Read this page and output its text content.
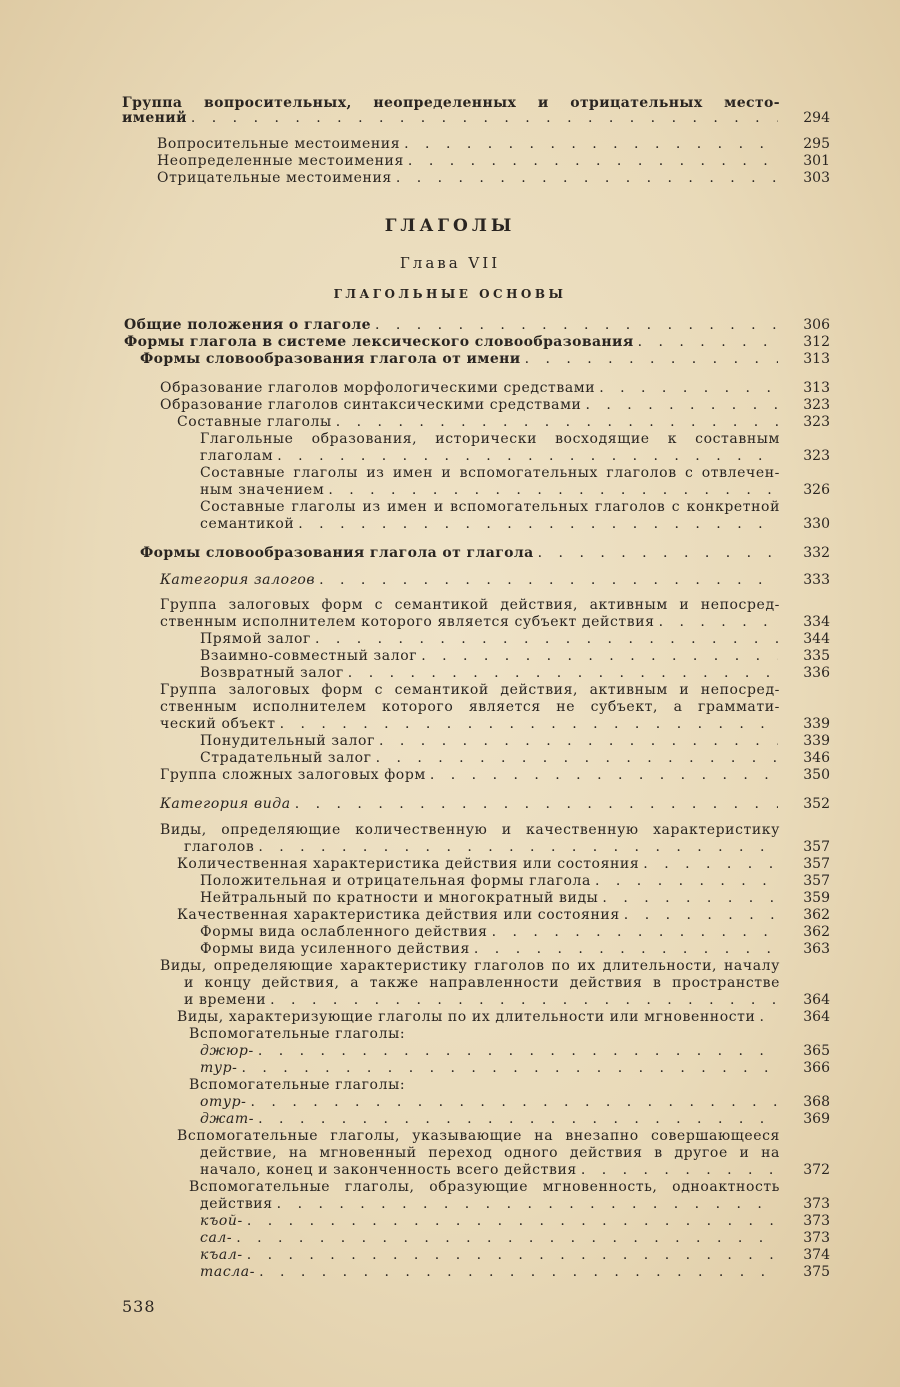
Группа вопросительных, неопределенных и отрицательных место-
имений . . .	294
Вопросительные местоимения . . .	295
Неопределенные местоимения . . .	301
Отрицательные местоимения . . .	303
ГЛАГОЛЫ
Глава VII
ГЛАГОЛЬНЫЕ ОСНОВЫ
Общие положения о глаголе . . .	306
Формы глагола в системе лексического словообразования . . .	312
Формы словообразования глагола от имени . . .	313
Образование глаголов морфологическими средствами . . .	313
Образование глаголов синтаксическими средствами . . .	323
Составные глаголы . . .	323
Глагольные образования, исторически восходящие к составным
глаголам . . .	323
Составные глаголы из имен и вспомогательных глаголов с отвлечен-
ным значением . . .	326
Составные глаголы из имен и вспомогательных глаголов с конкретной
семантикой . . .	330
Формы словообразования глагола от глагола . . .	332
Категория залогов . . .	333
Группа залоговых форм с семантикой действия, активным и непосред-
ственным исполнителем которого является субъект действия . . .	334
Прямой залог . . .	344
Взаимно-совместный залог . . .	335
Возвратный залог . . .	336
Группа залоговых форм с семантикой действия, активным и непосред-
ственным исполнителем которого является не субъект, а граммати-
ческий объект . . .	339
Понудительный залог . . .	339
Страдательный залог . . .	346
Группа сложных залоговых форм . . .	350
Категория вида . . .	352
Виды, определяющие количественную и качественную характеристику
глаголов . . .	357
Количественная характеристика действия или состояния . . .	357
Положительная и отрицательная формы глагола . . .	357
Нейтральный по кратности и многократный виды . . .	359
Качественная характеристика действия или состояния . . .	362
Формы вида ослабленного действия . . .	362
Формы вида усиленного действия . . .	363
Виды, определяющие характеристику глаголов по их длительности, началу
и концу действия, а также направленности действия в пространстве
и времени . . .	364
Виды, характеризующие глаголы по их длительности или мгновенности . . .	364
Вспомогательные глаголы:
джюр- . . .	365
тур- . . .	366
Вспомогательные глаголы:
отур- . . .	368
джат- . . .	369
Вспомогательные глаголы, указывающие на внезапно совершающееся
действие, на мгновенный переход одного действия в другое и на
начало, конец и законченность всего действия . . .	372
Вспомогательные глаголы, образующие мгновенность, одноактность
действия . . .	373
къой- . . .	373
сал- . . .	373
къал- . . .	374
тасла- . . .	375
538
